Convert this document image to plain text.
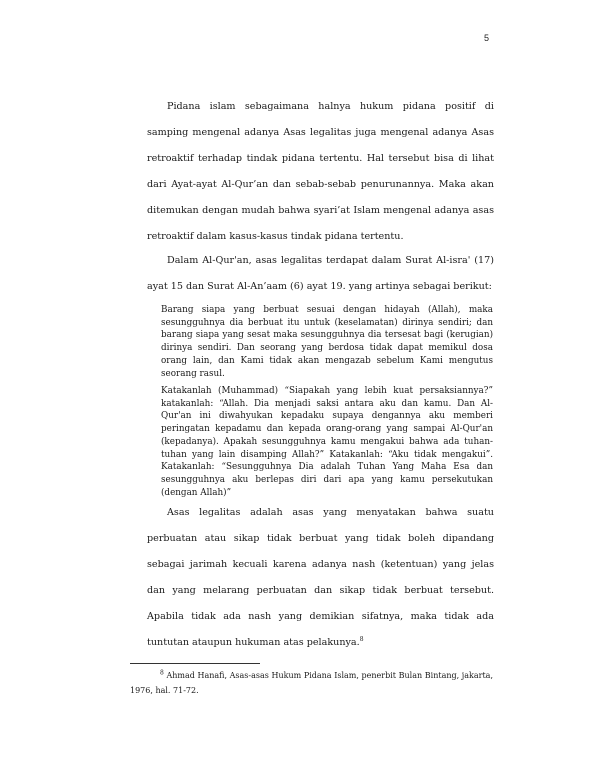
5

Pidana islam sebagaimana halnya hukum pidana positif di samping mengenal adanya Asas legalitas juga mengenal adanya Asas retroaktif terhadap tindak pidana tertentu. Hal tersebut bisa di lihat dari Ayat-ayat Al-Qur’an dan sebab-sebab penurunannya. Maka akan ditemukan dengan mudah bahwa syari’at Islam mengenal adanya asas retroaktif dalam kasus-kasus tindak pidana tertentu.

Dalam Al-Qur'an, asas legalitas terdapat dalam Surat Al-isra' (17) ayat 15 dan Surat Al-An’aam (6) ayat 19. yang artinya sebagai berikut:

Barang siapa yang berbuat sesuai dengan hidayah (Allah), maka sesungguhnya dia berbuat itu untuk (keselamatan) dirinya sendiri; dan barang siapa yang sesat maka sesungguhnya dia tersesat bagi (kerugian) dirinya sendiri. Dan seorang yang berdosa tidak dapat memikul dosa orang lain, dan Kami tidak akan mengazab sebelum Kami mengutus seorang rasul.

Katakanlah (Muhammad) “Siapakah yang lebih kuat persaksiannya?” katakanlah: “Allah. Dia menjadi saksi antara aku dan kamu. Dan Al-Qur'an ini diwahyukan kepadaku supaya dengannya aku memberi peringatan kepadamu dan kepada orang-orang yang sampai Al-Qur'an (kepadanya). Apakah sesungguhnya kamu mengakui bahwa ada tuhan-tuhan yang lain disamping Allah?” Katakanlah: “Aku tidak mengakui”. Katakanlah: “Sesungguhnya Dia adalah Tuhan Yang Maha Esa dan sesungguhnya aku berlepas diri dari apa yang kamu persekutukan (dengan Allah)”

Asas legalitas adalah asas yang menyatakan bahwa suatu perbuatan atau sikap tidak berbuat yang tidak boleh dipandang sebagai jarimah kecuali karena adanya nash (ketentuan) yang jelas dan yang melarang perbuatan dan sikap tidak berbuat tersebut. Apabila tidak ada nash yang demikian sifatnya, maka tidak ada tuntutan ataupun hukuman atas pelakunya.$^8$

$^8$ Ahmad Hanafi, Asas-asas Hukum Pidana Islam, penerbit Bulan Bintang, jakarta, 1976, hal. 71-72.
